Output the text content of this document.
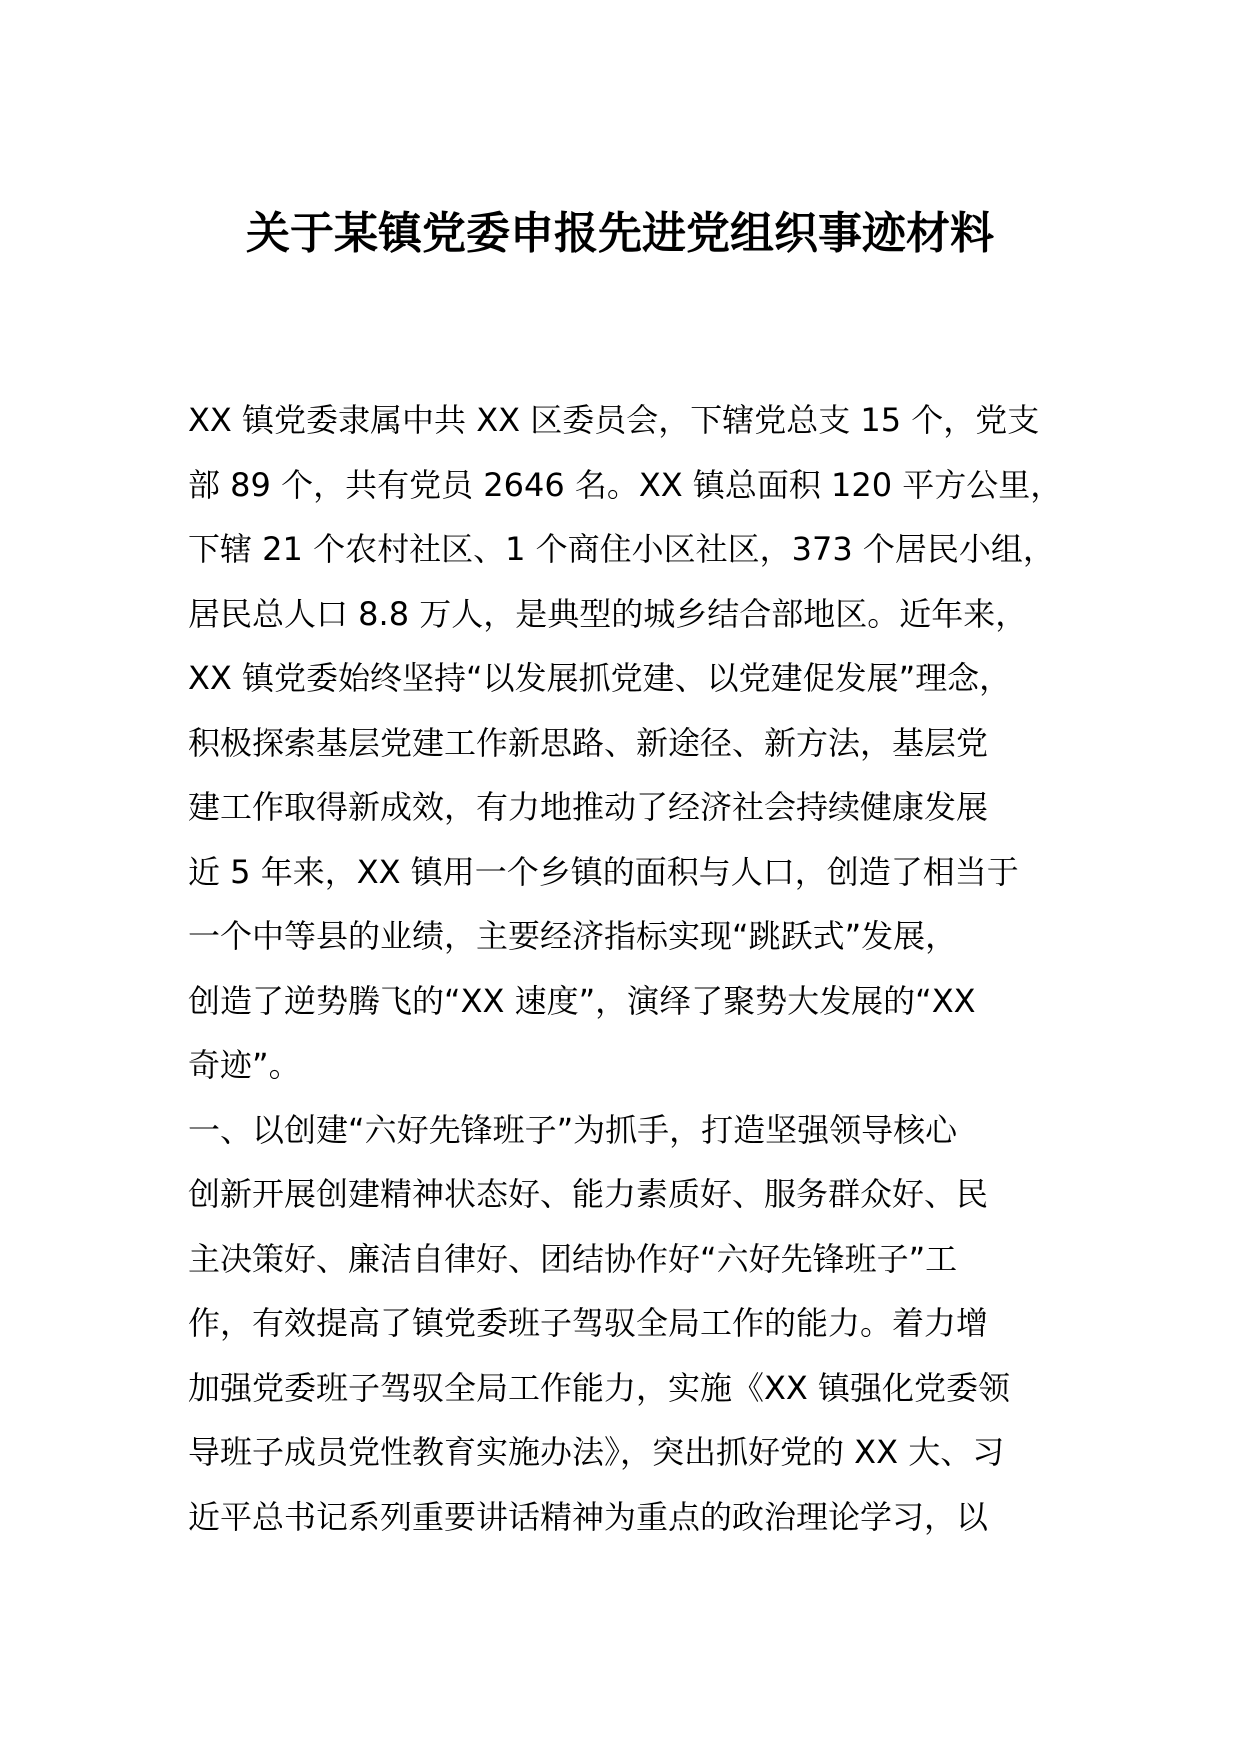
关于某镇党委申报先进党组织事迹材料

XX 镇党委隶属中共 XX 区委员会，下辖党总支 15 个，党支

部 89 个，共有党员 2646 名。XX 镇总面积 120 平方公里，

下辖 21 个农村社区、1 个商住小区社区，373 个居民小组，

居民总人口 8.8 万人，是典型的城乡结合部地区。近年来，

XX 镇党委始终坚持“以发展抓党建、以党建促发展”理念，

积极探索基层党建工作新思路、新途径、新方法，基层党

建工作取得新成效，有力地推动了经济社会持续健康发展

近 5 年来，XX 镇用一个乡镇的面积与人口，创造了相当于

一个中等县的业绩，主要经济指标实现“跳跃式”发展，

创造了逆势腾飞的“XX 速度”，演绎了聚势大发展的“XX

奇迹”。

一、以创建“六好先锋班子”为抓手，打造坚强领导核心

创新开展创建精神状态好、能力素质好、服务群众好、民

主决策好、廉洁自律好、团结协作好“六好先锋班子”工

作，有效提高了镇党委班子驾驭全局工作的能力。着力增

加强党委班子驾驭全局工作能力，实施《XX 镇强化党委领

导班子成员党性教育实施办法》，突出抓好党的 XX 大、习

近平总书记系列重要讲话精神为重点的政治理论学习，以
